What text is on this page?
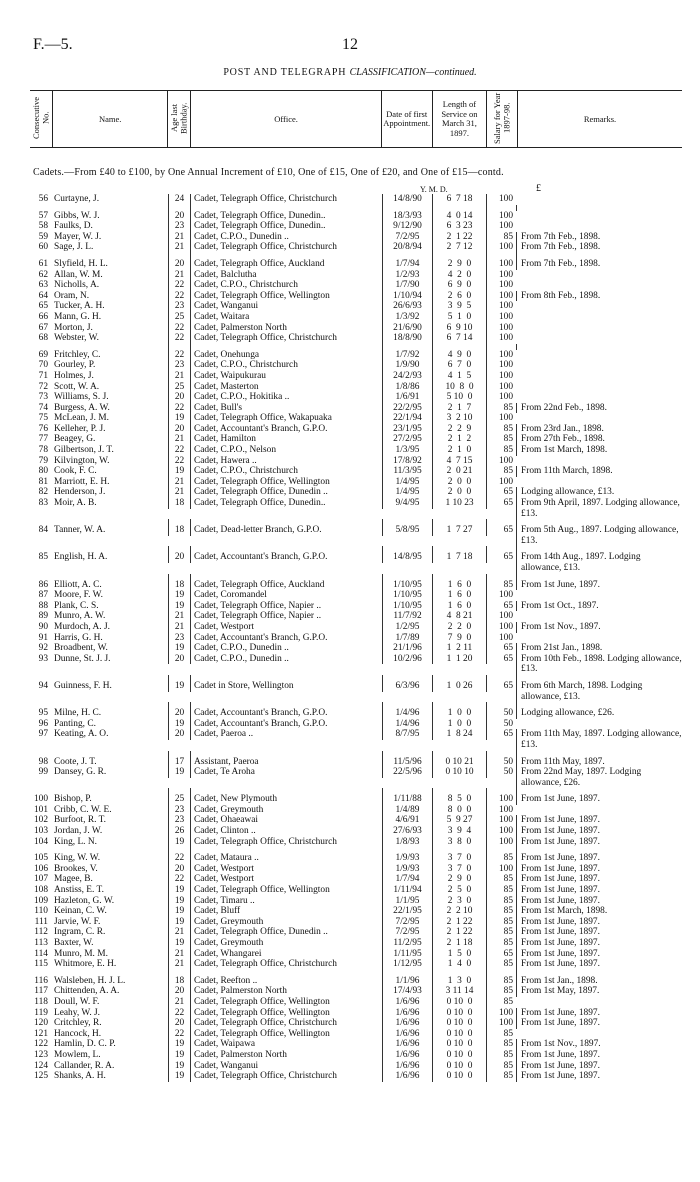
F.—5.	12
POST AND TELEGRAPH CLASSIFICATION—continued.
Consecutive No.	Name.	Age last Birthday.	Office.	Date of first Appointment.	Length of Service on March 31, 1897.	Salary for Year 1897-98.	Remarks.
Cadets.—From £40 to £100, by One Annual Increment of £10, One of £15, One of £20, and One of £15—contd.
Y. M. D.	£
56 Curtayne, J.	24	Cadet, Telegraph Office, Christchurch	14/8/90	6  7 18	100
57 Gibbs, W. J.	20	Cadet, Telegraph Office, Dunedin..	18/3/93	4  0 14	100
58 Faulks, D.	23	Cadet, Telegraph Office, Dunedin..	9/12/90	6  3 23	100
59 Mayer, W. J.	21	Cadet, C.P.O., Dunedin ..	7/2/95	2  1 22	85 From 7th Feb., 1898.
60 Sage, J. L.	21	Cadet, Telegraph Office, Christchurch	20/8/94	2  7 12	100 From 7th Feb., 1898.
61 Slyfield, H. L.	20	Cadet, Telegraph Office, Auckland	1/7/94	2  9  0	100 From 7th Feb., 1898.
62 Allan, W. M.	21	Cadet, Balclutha	1/2/93	4  2  0	100
63 Nicholls, A.	22	Cadet, C.P.O., Christchurch	1/7/90	6  9  0	100
64 Oram, N.	22	Cadet, Telegraph Office, Wellington	1/10/94	2  6  0	100 From 8th Feb., 1898.
65 Tucker, A. H.	23	Cadet, Wanganui	26/6/93	3  9  5	100
66 Mann, G. H.	25	Cadet, Waitara	1/3/92	5  1  0	100
67 Morton, J.	22	Cadet, Palmerston North	21/6/90	6  9 10	100
68 Webster, W.	22	Cadet, Telegraph Office, Christchurch	18/8/90	6  7 14	100
69 Fritchley, C.	22	Cadet, Onehunga	1/7/92	4  9  0	100
70 Gourley, P.	23	Cadet, C.P.O., Christchurch	1/9/90	6  7  0	100
71 Holmes, J.	21	Cadet, Waipukurau	24/2/93	4  1  5	100
72 Scott, W. A.	25	Cadet, Masterton	1/8/86	10  8  0	100
73 Williams, S. J.	20	Cadet, C.P.O., Hokitika ..	1/6/91	5 10  0	100
74 Burgess, A. W.	22	Cadet, Bull's	22/2/95	2  1  7	85 From 22nd Feb., 1898.
75 McLean, J. M.	19	Cadet, Telegraph Office, Wakapuaka	22/1/94	3  2 10	100
76 Kelleher, P. J.	20	Cadet, Accountant's Branch, G.P.O.	23/1/95	2  2  9	85 From 23rd Jan., 1898.
77 Beagey, G.	21	Cadet, Hamilton	27/2/95	2  1  2	85 From 27th Feb., 1898.
78 Gilbertson, J. T.	22	Cadet, C.P.O., Nelson	1/3/95	2  1  0	85 From 1st March, 1898.
79 Kilvington, W.	22	Cadet, Hawera ..	17/8/92	4  7 15	100
80 Cook, F. C.	19	Cadet, C.P.O., Christchurch	11/3/95	2  0 21	85 From 11th March, 1898.
81 Marriott, E. H.	21	Cadet, Telegraph Office, Wellington	1/4/95	2  0  0	100
82 Henderson, J.	21	Cadet, Telegraph Office, Dunedin ..	1/4/95	2  0  0	65 Lodging allowance, £13.
83 Moir, A. B.	18	Cadet, Telegraph Office, Dunedin..	9/4/95	1 10 23	65 From 9th April, 1897. Lodging allowance, £13.
84 Tanner, W. A.	18	Cadet, Dead-letter Branch, G.P.O.	5/8/95	1  7 27	65 From 5th Aug., 1897. Lodging allowance, £13.
85 English, H. A.	20	Cadet, Accountant's Branch, G.P.O.	14/8/95	1  7 18	65 From 14th Aug., 1897. Lodging allowance, £13.
86 Elliott, A. C.	18	Cadet, Telegraph Office, Auckland	1/10/95	1  6  0	85 From 1st June, 1897.
87 Moore, F. W.	19	Cadet, Coromandel	1/10/95	1  6  0	100
88 Plank, C. S.	19	Cadet, Telegraph Office, Napier ..	1/10/95	1  6  0	65 From 1st Oct., 1897.
89 Munro, A. W.	21	Cadet, Telegraph Office, Napier ..	11/7/92	4  8 21	100
90 Murdoch, A. J.	21	Cadet, Westport	1/2/95	2  2  0	100 From 1st Nov., 1897.
91 Harris, G. H.	23	Cadet, Accountant's Branch, G.P.O.	1/7/89	7  9  0	100
92 Broadbent, W.	19	Cadet, C.P.O., Dunedin ..	21/1/96	1  2 11	65 From 21st Jan., 1898.
93 Dunne, St. J. J.	20	Cadet, C.P.O., Dunedin ..	10/2/96	1  1 20	65 From 10th Feb., 1898. Lodging allowance, £13.
94 Guinness, F. H.	19	Cadet in Store, Wellington	6/3/96	1  0 26	65 From 6th March, 1898. Lodging allowance, £13.
95 Milne, H. C.	20	Cadet, Accountant's Branch, G.P.O.	1/4/96	1  0  0	50 Lodging allowance, £26.
96 Panting, C.	19	Cadet, Accountant's Branch, G.P.O.	1/4/96	1  0  0	50
97 Keating, A. O.	20	Cadet, Paeroa ..	8/7/95	1  8 24	65 From 11th May, 1897. Lodging allowance, £13.
98 Coote, J. T.	17	Assistant, Paeroa	11/5/96	0 10 21	50 From 11th May, 1897.
99 Dansey, G. R.	19	Cadet, Te Aroha	22/5/96	0 10 10	50 From 22nd May, 1897. Lodging allowance, £26.
100 Bishop, P.	25	Cadet, New Plymouth	1/11/88	8  5  0	100 From 1st June, 1897.
101 Cribb, C. W. E.	23	Cadet, Greymouth	1/4/89	8  0  0	100
102 Burfoot, R. T.	23	Cadet, Ohaeawai	4/6/91	5  9 27	100 From 1st June, 1897.
103 Jordan, J. W.	26	Cadet, Clinton ..	27/6/93	3  9  4	100 From 1st June, 1897.
104 King, L. N.	19	Cadet, Telegraph Office, Christchurch	1/8/93	3  8  0	100 From 1st June, 1897.
105 King, W. W.	22	Cadet, Mataura ..	1/9/93	3  7  0	85 From 1st June, 1897.
106 Brookes, V.	20	Cadet, Westport	1/9/93	3  7  0	100 From 1st June, 1897.
107 Magee, B.	22	Cadet, Westport	1/7/94	2  9  0	85 From 1st June, 1897.
108 Anstiss, E. T.	19	Cadet, Telegraph Office, Wellington	1/11/94	2  5  0	85 From 1st June, 1897.
109 Hazleton, G. W.	19	Cadet, Timaru ..	1/1/95	2  3  0	85 From 1st June, 1897.
110 Keinan, C. W.	19	Cadet, Bluff	22/1/95	2  2 10	85 From 1st March, 1898.
111 Jarvie, W. F.	19	Cadet, Greymouth	7/2/95	2  1 22	85 From 1st June, 1897.
112 Ingram, C. R.	21	Cadet, Telegraph Office, Dunedin ..	7/2/95	2  1 22	85 From 1st June, 1897.
113 Baxter, W.	19	Cadet, Greymouth	11/2/95	2  1 18	85 From 1st June, 1897.
114 Munro, M. M.	21	Cadet, Whangarei	1/11/95	1  5  0	65 From 1st June, 1897.
115 Whitmore, E. H.	21	Cadet, Telegraph Office, Christchurch	1/12/95	1  4  0	85 From 1st June, 1897.
116 Walsleben, H. J. L.	18	Cadet, Reefton ..	1/1/96	1  3  0	85 From 1st Jan., 1898.
117 Chittenden, A. A.	20	Cadet, Palmerston North	17/4/93	3 11 14	85 From 1st May, 1897.
118 Doull, W. F.	21	Cadet, Telegraph Office, Wellington	1/6/96	0 10  0	85
119 Leahy, W. J.	22	Cadet, Telegraph Office, Wellington	1/6/96	0 10  0	100 From 1st June, 1897.
120 Critchley, R.	20	Cadet, Telegraph Office, Christchurch	1/6/96	0 10  0	100 From 1st June, 1897.
121 Hancock, H.	22	Cadet, Telegraph Office, Wellington	1/6/96	0 10  0	85
122 Hamlin, D. C. P.	19	Cadet, Waipawa	1/6/96	0 10  0	85 From 1st Nov., 1897.
123 Mowlem, L.	19	Cadet, Palmerston North	1/6/96	0 10  0	85 From 1st June, 1897.
124 Callander, R. A.	19	Cadet, Wanganui	1/6/96	0 10  0	85 From 1st June, 1897.
125 Shanks, A. H.	19	Cadet, Telegraph Office, Christchurch	1/6/96	0 10  0	85 From 1st June, 1897.
